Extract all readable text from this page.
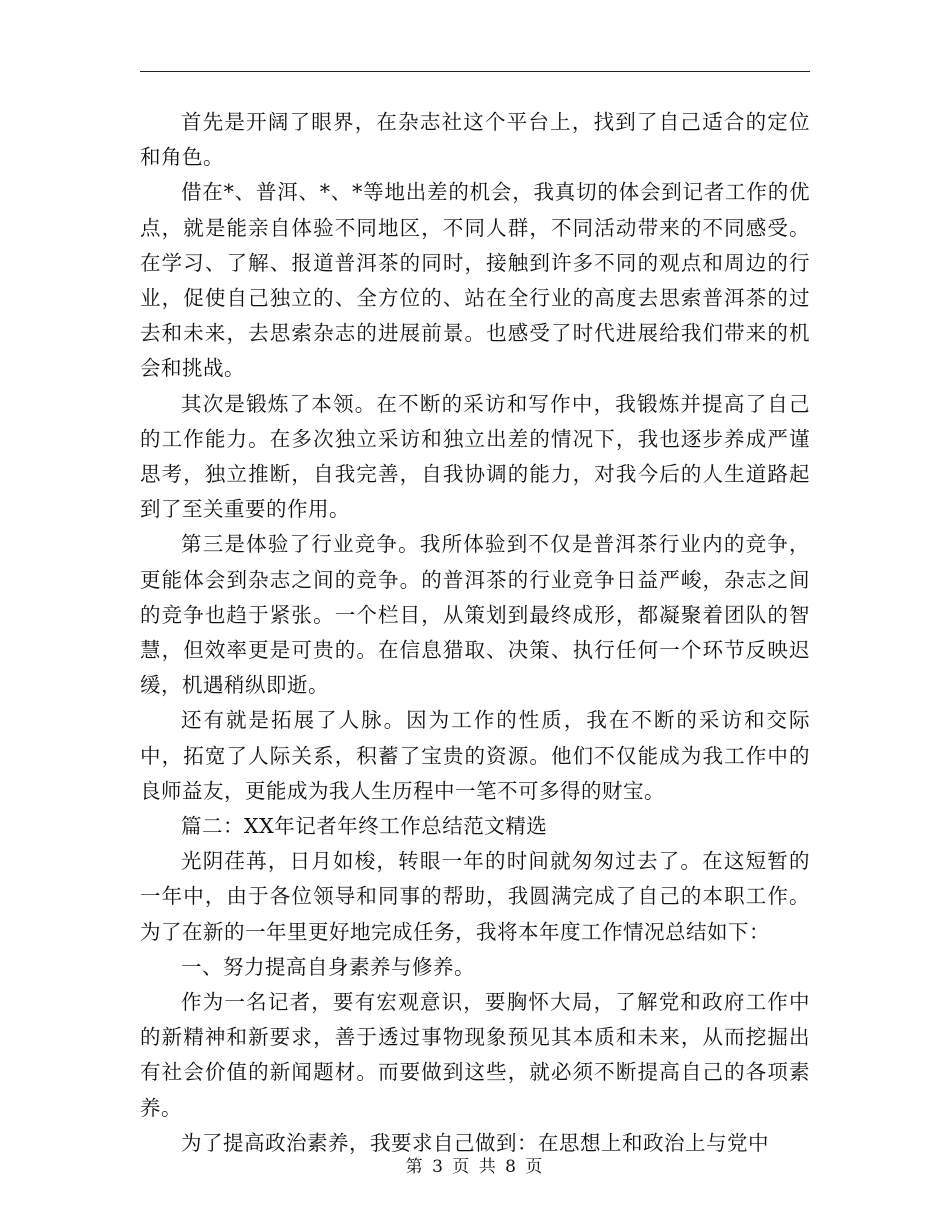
首先是开阔了眼界，在杂志社这个平台上，找到了自己适合的定位和角色。

借在*、普洱、*、*等地出差的机会，我真切的体会到记者工作的优点，就是能亲自体验不同地区，不同人群，不同活动带来的不同感受。在学习、了解、报道普洱茶的同时，接触到许多不同的观点和周边的行业，促使自己独立的、全方位的、站在全行业的高度去思索普洱茶的过去和未来，去思索杂志的进展前景。也感受了时代进展给我们带来的机会和挑战。

其次是锻炼了本领。在不断的采访和写作中，我锻炼并提高了自己的工作能力。在多次独立采访和独立出差的情况下，我也逐步养成严谨思考，独立推断，自我完善，自我协调的能力，对我今后的人生道路起到了至关重要的作用。

第三是体验了行业竞争。我所体验到不仅是普洱茶行业内的竞争，更能体会到杂志之间的竞争。的普洱茶的行业竞争日益严峻，杂志之间的竞争也趋于紧张。一个栏目，从策划到最终成形，都凝聚着团队的智慧，但效率更是可贵的。在信息猎取、决策、执行任何一个环节反映迟缓，机遇稍纵即逝。

还有就是拓展了人脉。因为工作的性质，我在不断的采访和交际中，拓宽了人际关系，积蓄了宝贵的资源。他们不仅能成为我工作中的良师益友，更能成为我人生历程中一笔不可多得的财宝。

篇二：XX年记者年终工作总结范文精选

光阴荏苒，日月如梭，转眼一年的时间就匆匆过去了。在这短暂的一年中，由于各位领导和同事的帮助，我圆满完成了自己的本职工作。为了在新的一年里更好地完成任务，我将本年度工作情况总结如下：

一、努力提高自身素养与修养。

作为一名记者，要有宏观意识，要胸怀大局，了解党和政府工作中的新精神和新要求，善于透过事物现象预见其本质和未来，从而挖掘出有社会价值的新闻题材。而要做到这些，就必须不断提高自己的各项素养。

为了提高政治素养，我要求自己做到：在思想上和政治上与党中

第 3 页 共 8 页
